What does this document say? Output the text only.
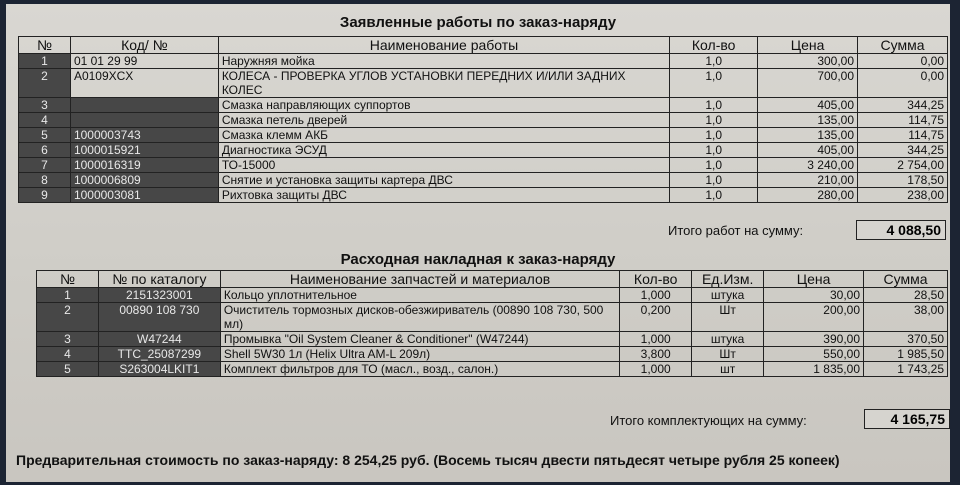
Заявленные работы по заказ-наряду
№	Код/ №	Наименование работы	Кол-во	Цена	Сумма
1	01 01 29 99	Наружняя мойка	1,0	300,00	0,00
2	A0109XCX	КОЛЕСА - ПРОВЕРКА УГЛОВ УСТАНОВКИ ПЕРЕДНИХ И/ИЛИ ЗАДНИХ КОЛЕС	1,0	700,00	0,00
3		Смазка направляющих суппортов	1,0	405,00	344,25
4		Смазка петель дверей	1,0	135,00	114,75
5	1000003743	Смазка клемм АКБ	1,0	135,00	114,75
6	1000015921	Диагностика ЭСУД	1,0	405,00	344,25
7	1000016319	ТО-15000	1,0	3 240,00	2 754,00
8	1000006809	Снятие и установка защиты картера ДВС	1,0	210,00	178,50
9	1000003081	Рихтовка защиты ДВС	1,0	280,00	238,00
Итого работ на сумму:	4 088,50
Расходная накладная к заказ-наряду
№	№ по каталогу	Наименование запчастей и материалов	Кол-во	Ед.Изм.	Цена	Сумма
1	2151323001	Кольцо уплотнительное	1,000	штука	30,00	28,50
2	00890 108 730	Очиститель тормозных дисков-обезжириватель (00890 108 730, 500 мл)	0,200	Шт	200,00	38,00
3	W47244	Промывка "Oil System Cleaner & Conditioner" (W47244)	1,000	штука	390,00	370,50
4	TTC_25087299	Shell 5W30 1л (Helix Ultra AM-L 209л)	3,800	Шт	550,00	1 985,50
5	S263004LKIT1	Комплект фильтров для ТО (масл., возд., салон.)	1,000	шт	1 835,00	1 743,25
Итого комплектующих на сумму:	4 165,75
Предварительная стоимость по заказ-наряду: 8 254,25 руб. (Восемь тысяч двести пятьдесят четыре рубля 25 копеек)
